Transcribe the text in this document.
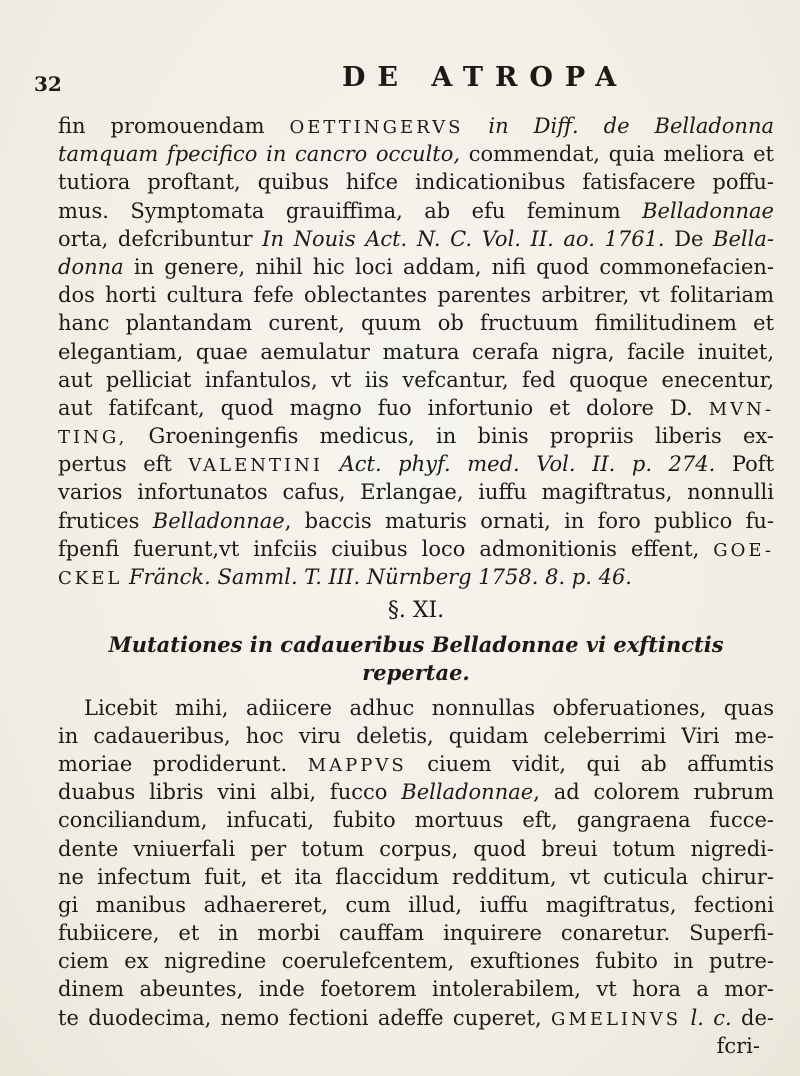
32	DE ATROPA
fin promouendam OETTINGERVS in Diff. de Belladonna
tamquam fpecifico in cancro occulto, commendat, quia meliora et
tutiora proftant, quibus hifce indicationibus fatisfacere poffu-
mus. Symptomata grauiffima, ab efu feminum Belladonnae
orta, defcribuntur In Nouis Act. N. C. Vol. II. ao. 1761. De Bella-
donna in genere, nihil hic loci addam, nifi quod commonefacien-
dos horti cultura fefe oblectantes parentes arbitrer, vt folitariam
hanc plantandam curent, quum ob fructuum fimilitudinem et
elegantiam, quae aemulatur matura cerafa nigra, facile inuitet,
aut pelliciat infantulos, vt iis vefcantur, fed quoque enecentur,
aut fatifcant, quod magno fuo infortunio et dolore D. MVN-
TING, Groeningenfis medicus, in binis propriis liberis ex-
pertus eft VALENTINI Act. phyf. med. Vol. II. p. 274. Poft
varios infortunatos cafus, Erlangae, iuffu magiftratus, nonnulli
frutices Belladonnae, baccis maturis ornati, in foro publico fu-
fpenfi fuerunt,vt infciis ciuibus loco admonitionis effent, GOE-
CKEL Fränck. Samml. T. III. Nürnberg 1758. 8. p. 46.
§. XI.
Mutationes in cadaueribus Belladonnae vi exftinctis
repertae.
Licebit mihi, adiicere adhuc nonnullas obferuationes, quas
in cadaueribus, hoc viru deletis, quidam celeberrimi Viri me-
moriae prodiderunt. MAPPVS ciuem vidit, qui ab affumtis
duabus libris vini albi, fucco Belladonnae, ad colorem rubrum
conciliandum, infucati, fubito mortuus eft, gangraena fucce-
dente vniuerfali per totum corpus, quod breui totum nigredi-
ne infectum fuit, et ita flaccidum redditum, vt cuticula chirur-
gi manibus adhaereret, cum illud, iuffu magiftratus, fectioni
fubiicere, et in morbi cauffam inquirere conaretur. Superfi-
ciem ex nigredine coerulefcentem, exuftiones fubito in putre-
dinem abeuntes, inde foetorem intolerabilem, vt hora a mor-
te duodecima, nemo fectioni adeffe cuperet, GMELINVS l. c. de-
fcri-
